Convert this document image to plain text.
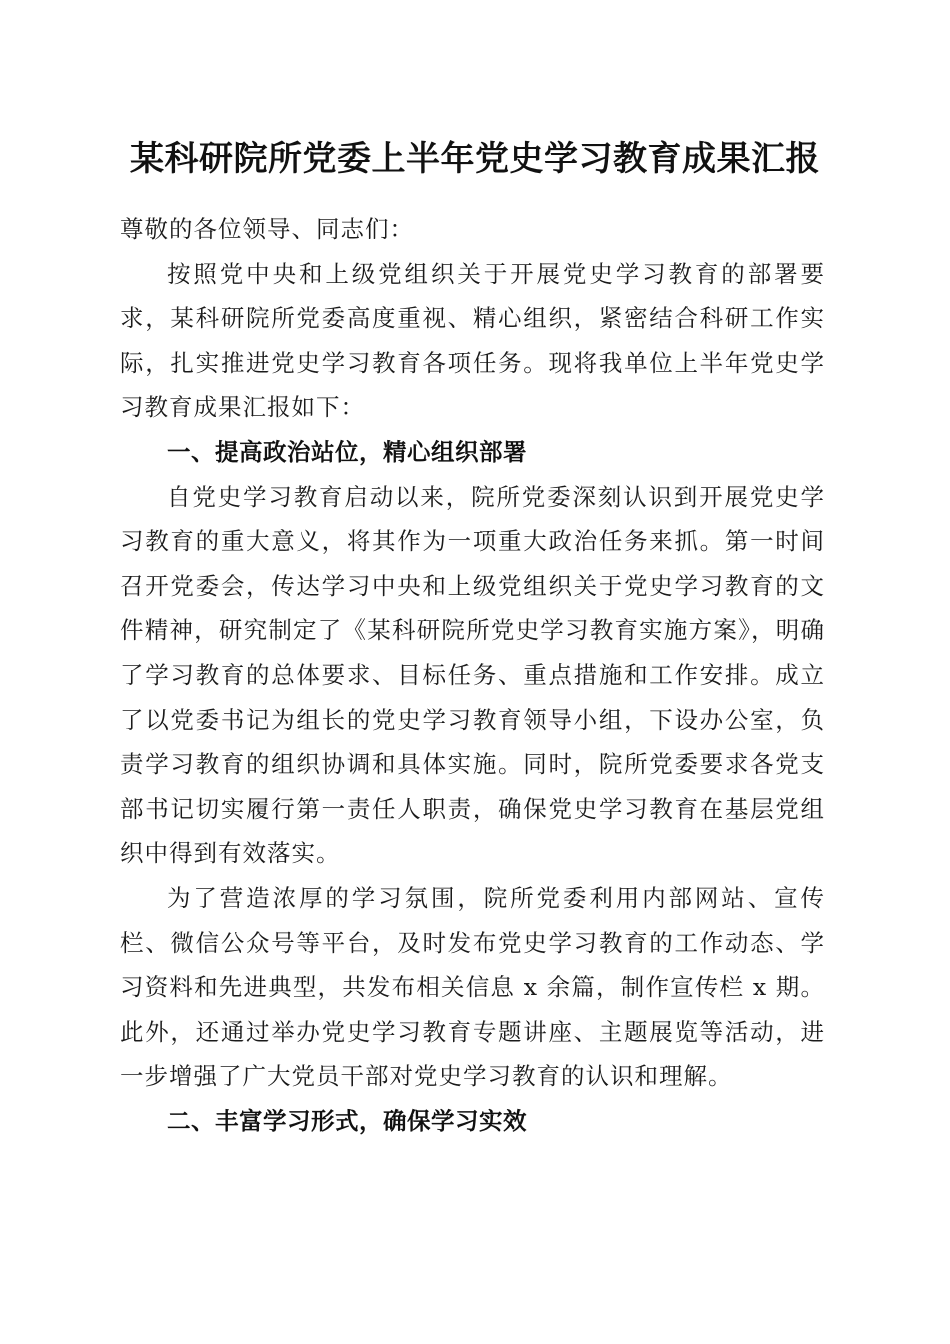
某科研院所党委上半年党史学习教育成果汇报

尊敬的各位领导、同志们：

按照党中央和上级党组织关于开展党史学习教育的部署要求，某科研院所党委高度重视、精心组织，紧密结合科研工作实际，扎实推进党史学习教育各项任务。现将我单位上半年党史学习教育成果汇报如下：

一、提高政治站位，精心组织部署

自党史学习教育启动以来，院所党委深刻认识到开展党史学习教育的重大意义，将其作为一项重大政治任务来抓。第一时间召开党委会，传达学习中央和上级党组织关于党史学习教育的文件精神，研究制定了《某科研院所党史学习教育实施方案》，明确了学习教育的总体要求、目标任务、重点措施和工作安排。成立了以党委书记为组长的党史学习教育领导小组，下设办公室，负责学习教育的组织协调和具体实施。同时，院所党委要求各党支部书记切实履行第一责任人职责，确保党史学习教育在基层党组织中得到有效落实。

为了营造浓厚的学习氛围，院所党委利用内部网站、宣传栏、微信公众号等平台，及时发布党史学习教育的工作动态、学习资料和先进典型，共发布相关信息 x 余篇，制作宣传栏 x 期。此外，还通过举办党史学习教育专题讲座、主题展览等活动，进一步增强了广大党员干部对党史学习教育的认识和理解。

二、丰富学习形式，确保学习实效
